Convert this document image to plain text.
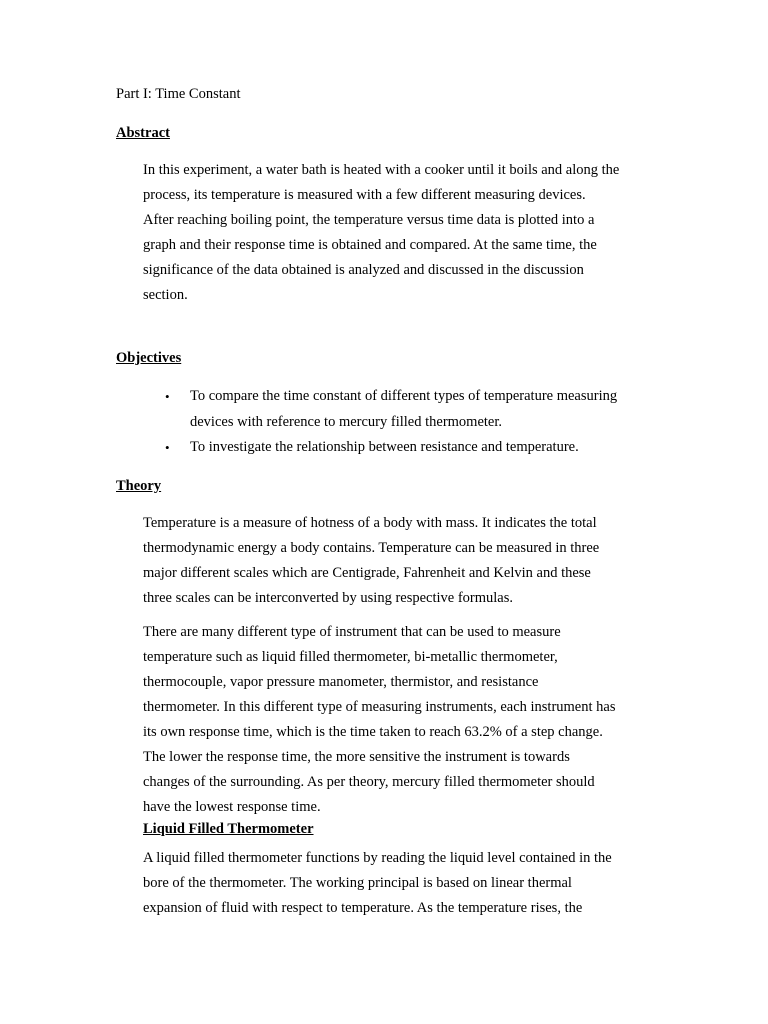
Part I: Time Constant

Abstract

In this experiment, a water bath is heated with a cooker until it boils and along the
process, its temperature is measured with a few different measuring devices.
After reaching boiling point, the temperature versus time data is plotted into a
graph and their response time is obtained and compared. At the same time, the
significance of the data obtained is analyzed and discussed in the discussion
section.

Objectives
• To compare the time constant of different types of temperature measuring
devices with reference to mercury filled thermometer.
• To investigate the relationship between resistance and temperature.
Theory

Temperature is a measure of hotness of a body with mass. It indicates the total
thermodynamic energy a body contains. Temperature can be measured in three
major different scales which are Centigrade, Fahrenheit and Kelvin and these
three scales can be interconverted by using respective formulas.

There are many different type of instrument that can be used to measure
temperature such as liquid filled thermometer, bi-metallic thermometer,
thermocouple, vapor pressure manometer, thermistor, and resistance
thermometer. In this different type of measuring instruments, each instrument has
its own response time, which is the time taken to reach 63.2% of a step change.
The lower the response time, the more sensitive the instrument is towards
changes of the surrounding. As per theory, mercury filled thermometer should
have the lowest response time.

Liquid Filled Thermometer

A liquid filled thermometer functions by reading the liquid level contained in the
bore of the thermometer. The working principal is based on linear thermal
expansion of fluid with respect to temperature. As the temperature rises, the
